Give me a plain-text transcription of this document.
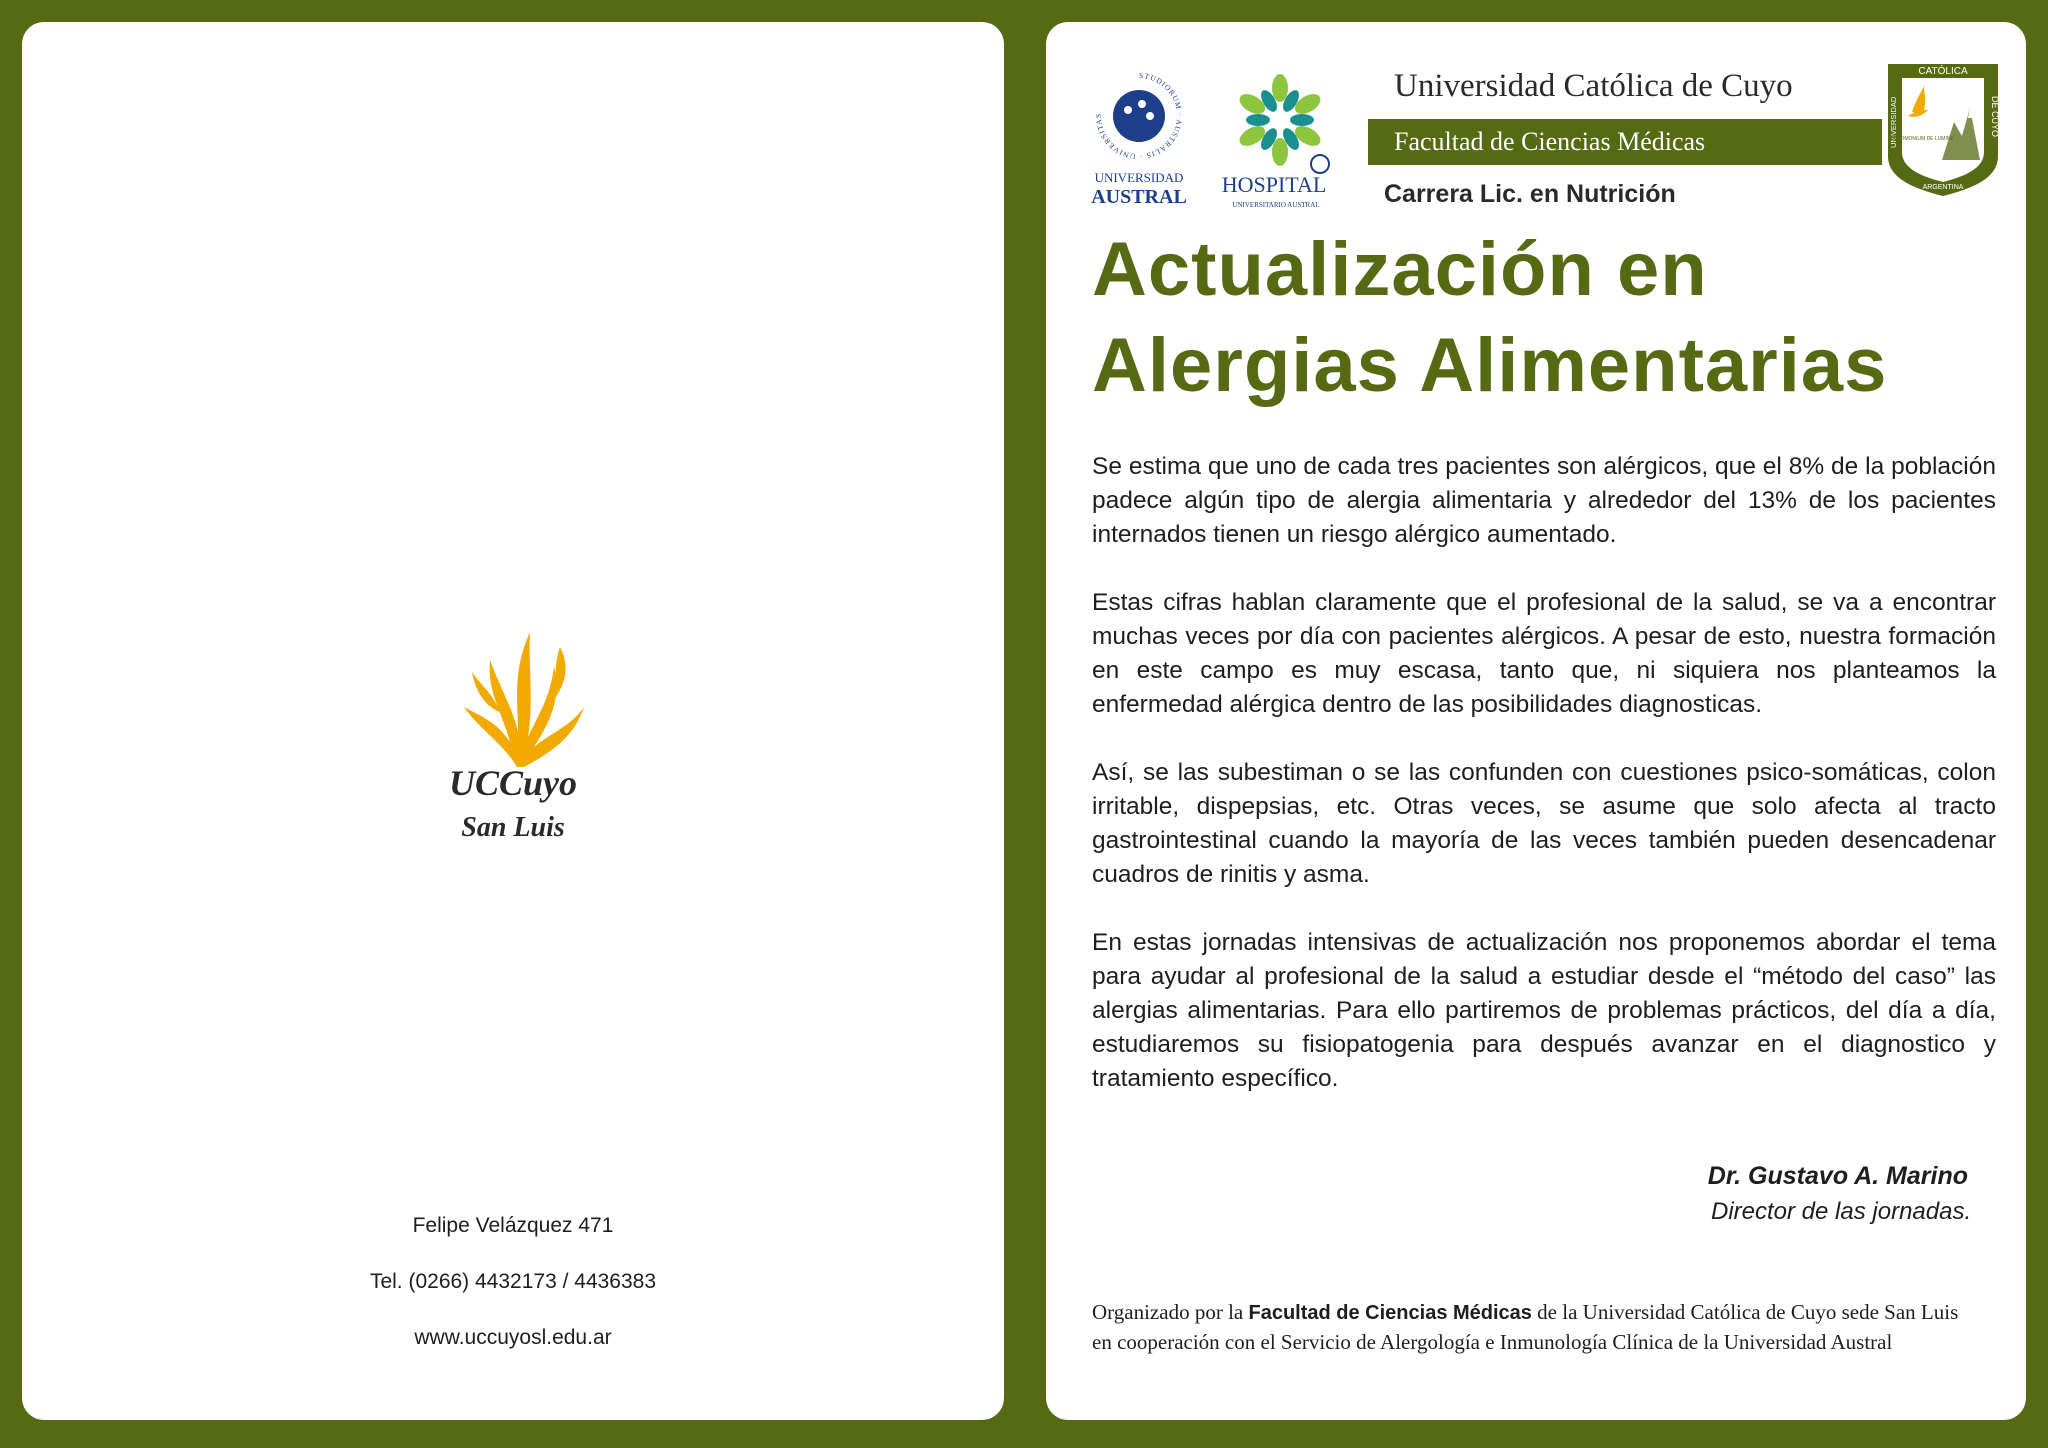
UCCuyo
San Luis
Felipe Velázquez 471
Tel. (0266) 4432173 / 4436383
www.uccuyosl.edu.ar
STUDIORUM · AUSTRALIS · UNIVERSITAS
UNIVERSIDAD
AUSTRAL HOSPITAL
UNIVERSITARIO AUSTRAL
Universidad Católica de Cuyo
Facultad de Ciencias Médicas
Carrera Lic. en Nutrición
CATÓLICA
ARGENTINA
UNIVERSIDAD	DE CUYO
TESTIMONIUM DE LUMINE
Actualización en
Alergias Alimentarias

Se estima que uno de cada tres pacientes son alérgicos, que el 8% de la población padece algún tipo de alergia alimentaria y alrededor del 13% de los pacientes internados tienen un riesgo alérgico aumentado.

Estas cifras hablan claramente que el profesional de la salud, se va a encontrar muchas veces por día con pacientes alérgicos. A pesar de esto, nuestra formación en este campo es muy escasa, tanto que, ni siquiera nos planteamos la enfermedad alérgica dentro de las posibilidades diagnosticas.

Así, se las subestiman o se las confunden con cuestiones psico-somáticas, colon irritable, dispepsias, etc. Otras veces, se asume que solo afecta al tracto gastrointestinal cuando la mayoría de las veces también pueden desencadenar cuadros de rinitis y asma.

En estas jornadas intensivas de actualización nos proponemos abordar el tema para ayudar al profesional de la salud a estudiar desde el “método del caso” las alergias alimentarias. Para ello partiremos de problemas prácticos, del día a día, estudiaremos su fisiopatogenia para después avanzar en el diagnostico y tratamiento específico.

Dr. Gustavo A. Marino
Director de las jornadas.
Organizado por la Facultad de Ciencias Médicas de la Universidad Católica de Cuyo sede San Luis en cooperación con el Servicio de Alergología e Inmunología Clínica de la Universidad Austral
